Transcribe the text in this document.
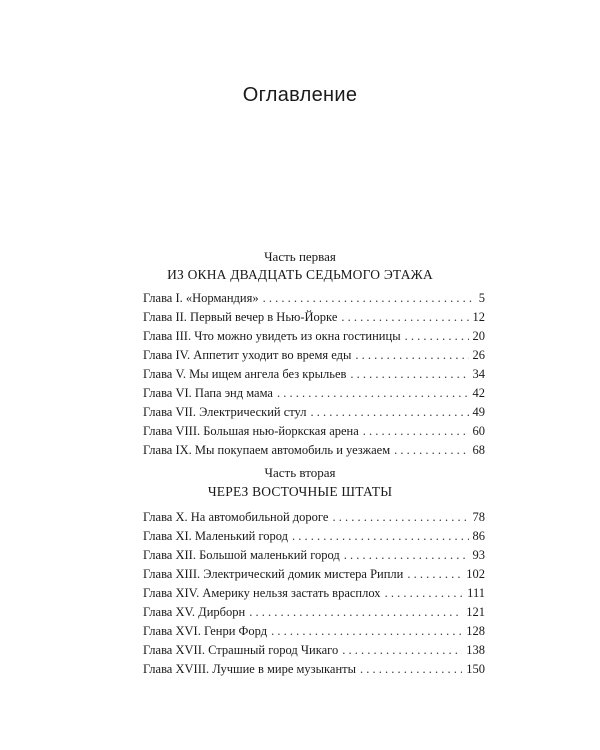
Оглавление
Часть первая
ИЗ ОКНА ДВАДЦАТЬ СЕДЬМОГО ЭТАЖА
Глава I. «Нормандия» . . .	5
Глава II. Первый вечер в Нью-Йорке . . .	12
Глава III. Что можно увидеть из окна гостиницы . . .	20
Глава IV. Аппетит уходит во время еды . . .	26
Глава V. Мы ищем ангела без крыльев . . .	34
Глава VI. Папа энд мама . . .	42
Глава VII. Электрический стул . . .	49
Глава VIII. Большая нью-йоркская арена . . .	60
Глава IX. Мы покупаем автомобиль и уезжаем . . .	68
Часть вторая
ЧЕРЕЗ ВОСТОЧНЫЕ ШТАТЫ
Глава X. На автомобильной дороге . . .	78
Глава XI. Маленький город . . .	86
Глава XII. Большой маленький город . . .	93
Глава XIII. Электрический домик мистера Рипли . . .	102
Глава XIV. Америку нельзя застать врасплох . . .	111
Глава XV. Дирборн . . .	121
Глава XVI. Генри Форд . . .	128
Глава XVII. Страшный город Чикаго . . .	138
Глава XVIII. Лучшие в мире музыканты . . .	150
